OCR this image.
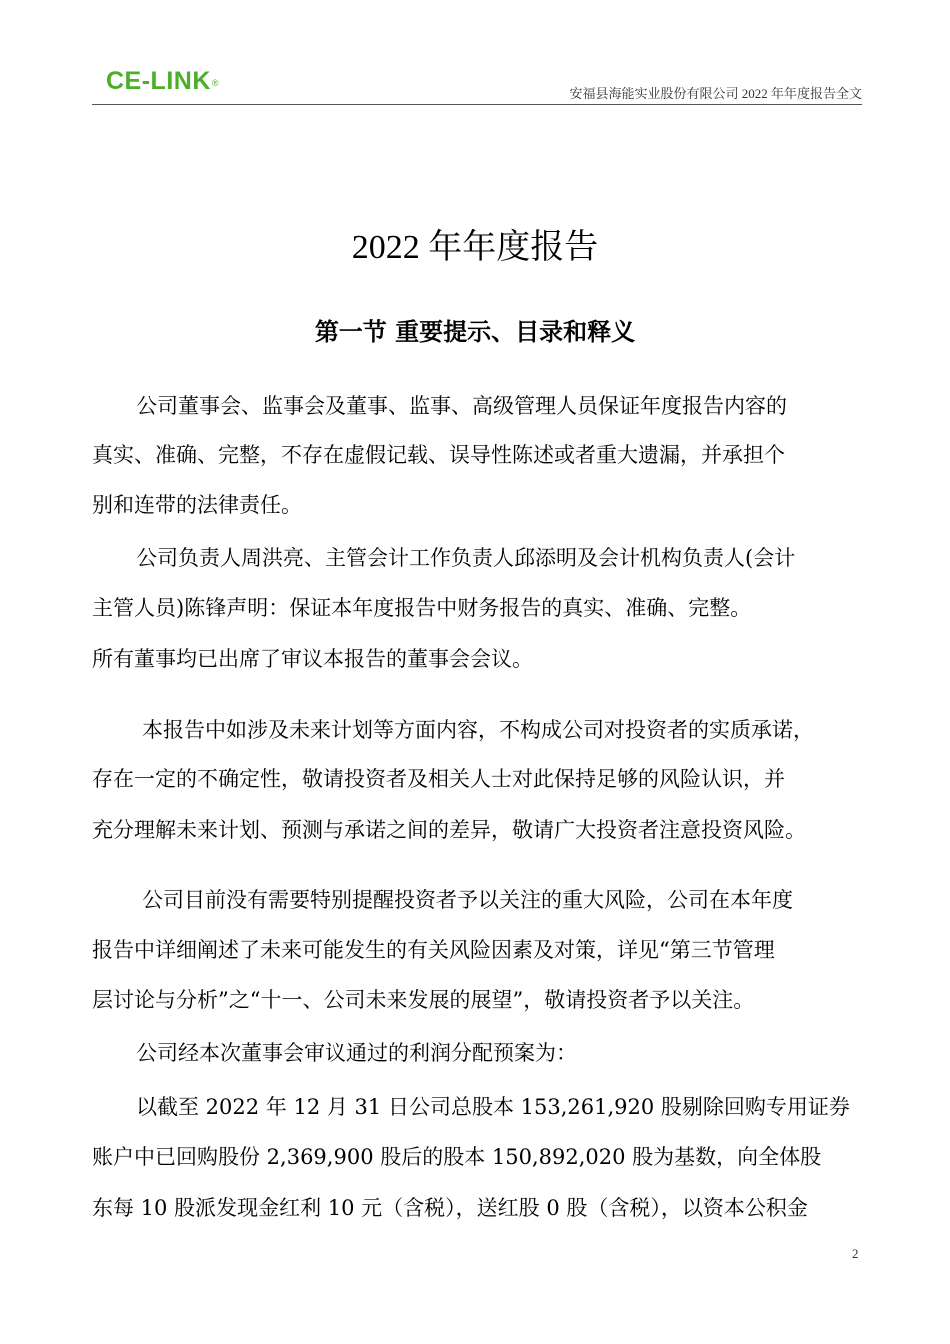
CE-LINK®
安福县海能实业股份有限公司 2022 年年度报告全文
2022 年年度报告
第一节 重要提示、目录和释义
公司董事会、监事会及董事、监事、高级管理人员保证年度报告内容的
真实、准确、完整，不存在虚假记载、误导性陈述或者重大遗漏，并承担个
别和连带的法律责任。
公司负责人周洪亮、主管会计工作负责人邱添明及会计机构负责人(会计
主管人员)陈锋声明：保证本年度报告中财务报告的真实、准确、完整。
所有董事均已出席了审议本报告的董事会会议。
本报告中如涉及未来计划等方面内容，不构成公司对投资者的实质承诺，
存在一定的不确定性，敬请投资者及相关人士对此保持足够的风险认识，并
充分理解未来计划、预测与承诺之间的差异，敬请广大投资者注意投资风险。
公司目前没有需要特别提醒投资者予以关注的重大风险，公司在本年度
报告中详细阐述了未来可能发生的有关风险因素及对策，详见“第三节管理
层讨论与分析”之“十一、公司未来发展的展望”，敬请投资者予以关注。
公司经本次董事会审议通过的利润分配预案为：
以截至 2022 年 12 月 31 日公司总股本 153,261,920 股剔除回购专用证券
账户中已回购股份 2,369,900 股后的股本 150,892,020 股为基数，向全体股
东每 10 股派发现金红利 10 元（含税），送红股 0 股（含税），以资本公积金
2
